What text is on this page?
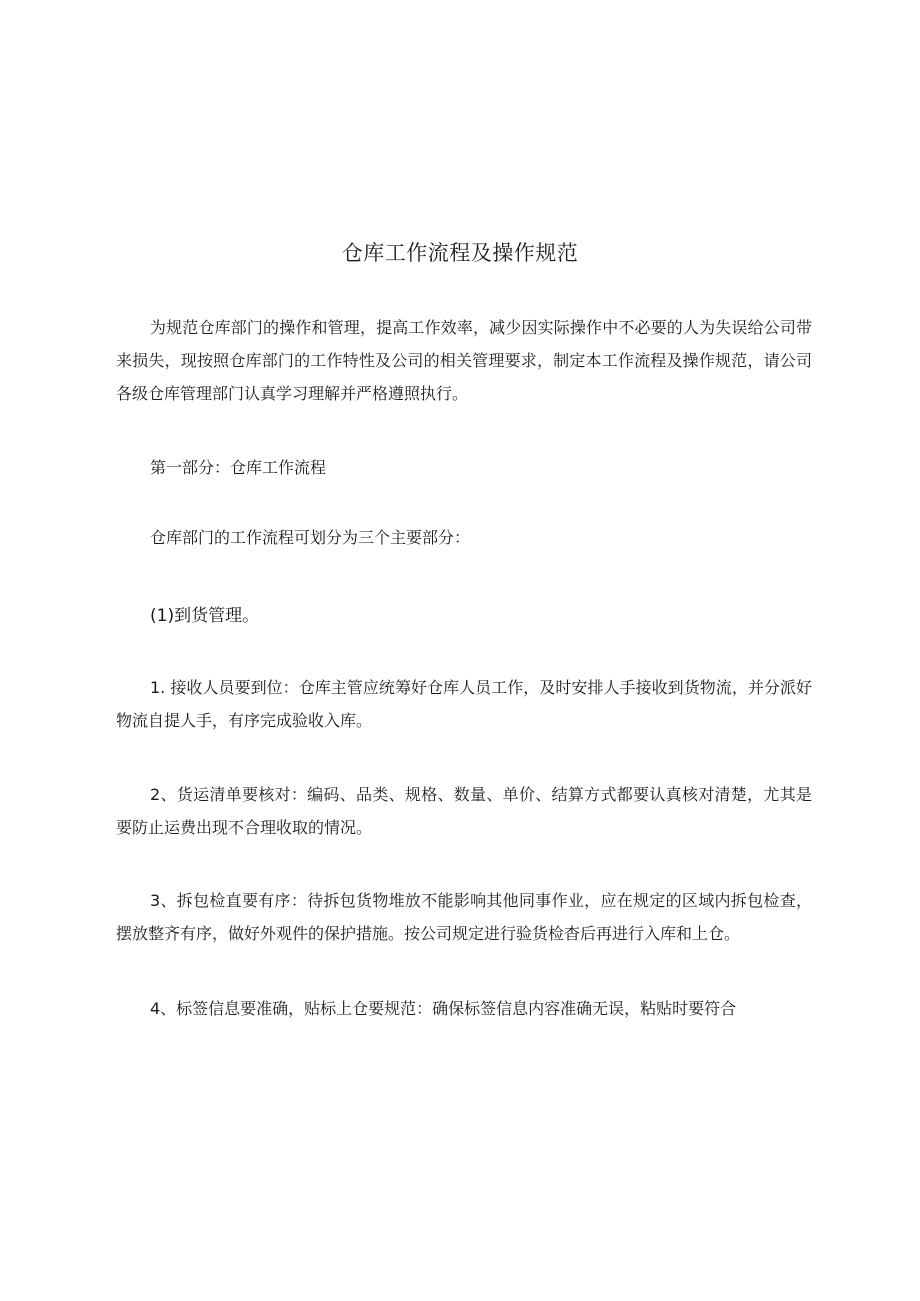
仓库工作流程及操作规范

为规范仓库部门的操作和管理，提高工作效率，减少因实际操作中不必要的人为失误给公司带来损失，现按照仓库部门的工作特性及公司的相关管理要求，制定本工作流程及操作规范，请公司各级仓库管理部门认真学习理解并严格遵照执行。

第一部分：仓库工作流程

仓库部门的工作流程可划分为三个主要部分：

(1)到货管理。

1. 接收人员要到位：仓库主管应统筹好仓库人员工作，及时安排人手接收到货物流，并分派好物流自提人手，有序完成验收入库。

2、货运清单要核对：编码、品类、规格、数量、单价、结算方式都要认真核对清楚，尤其是要防止运费出现不合理收取的情况。

3、拆包检直要有序：待拆包货物堆放不能影响其他同事作业，应在规定的区域内拆包检查，摆放整齐有序，做好外观件的保护措施。按公司规定进行验货检杳后再进行入库和上仓。

4、标签信息要准确，贴标上仓要规范：确保标签信息内容准确无误，粘贴时要符合
